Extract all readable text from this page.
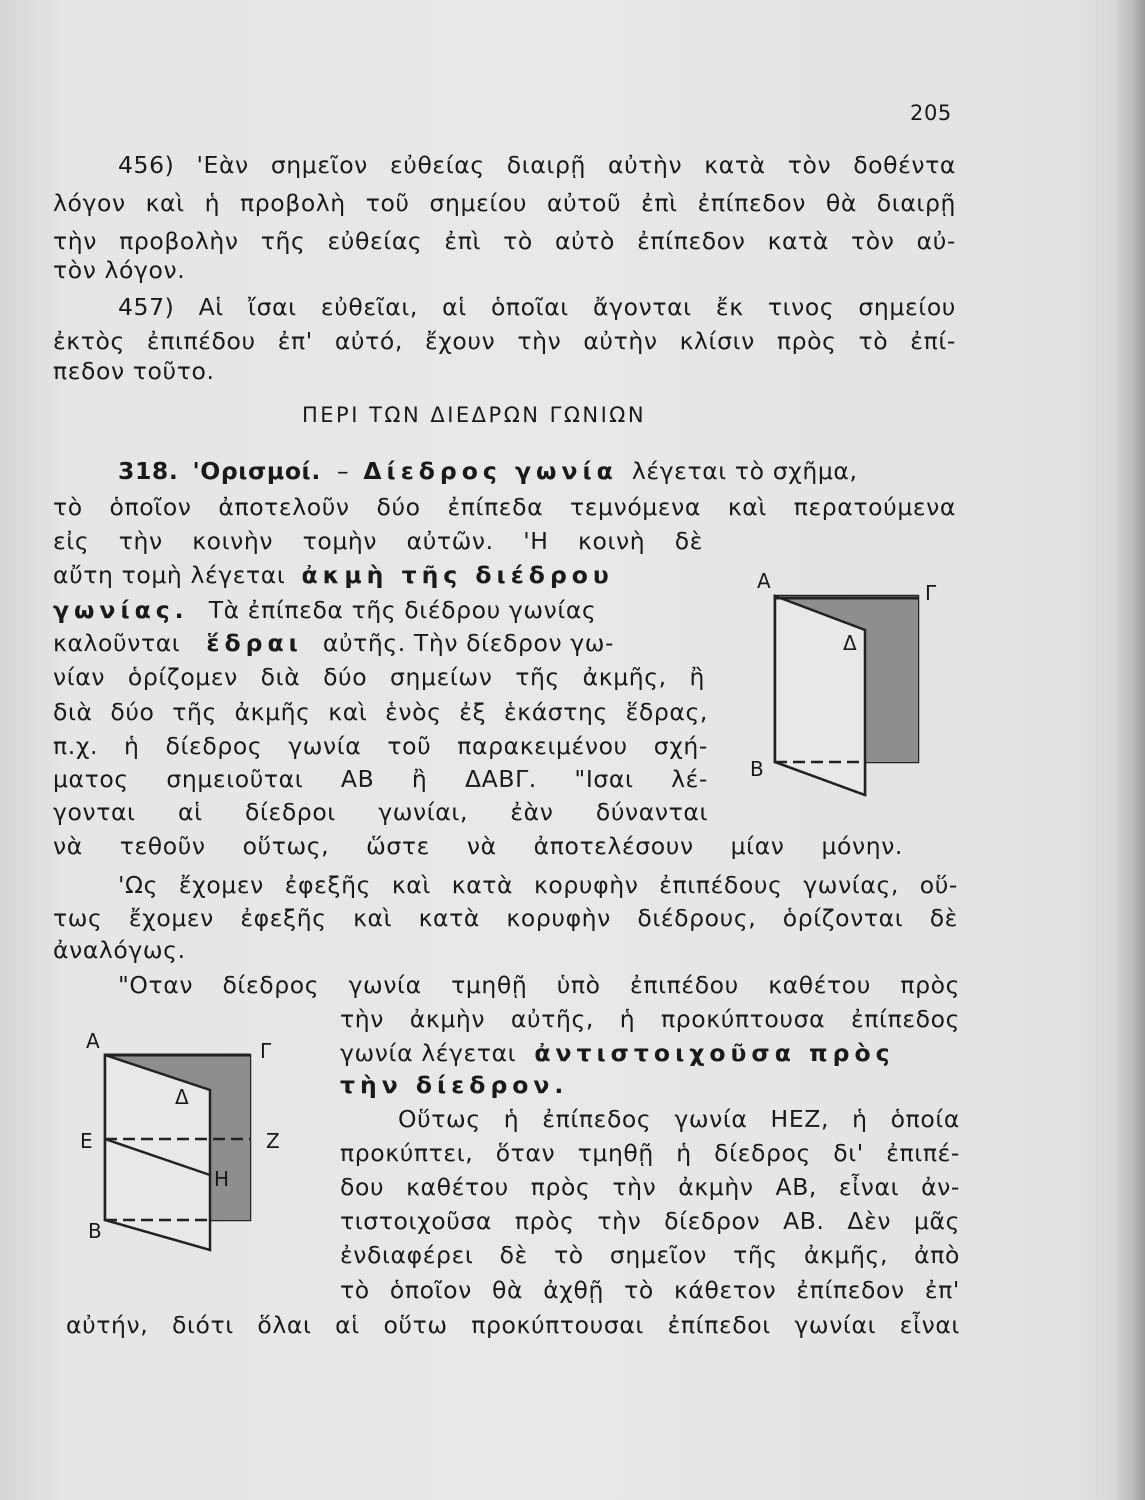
205
456) 'Εὰν σημεῖον εὐθείας διαιρῇ αὐτὴν κατὰ τὸν δοθέντα
λόγον καὶ ἡ προβολὴ τοῦ σημείου αὐτοῦ ἐπὶ ἐπίπεδον θὰ διαιρῇ
τὴν προβολὴν τῆς εὐθείας ἐπὶ τὸ αὐτὸ ἐπίπεδον κατὰ τὸν αὐ-
τὸν λόγον.
457) Αἱ ἴσαι εὐθεῖαι, αἱ ὁποῖαι ἄγονται ἔκ τινος σημείου
ἐκτὸς ἐπιπέδου ἐπ' αὐτό, ἔχουν τὴν αὐτὴν κλίσιν πρὸς τὸ ἐπί-
πεδον τοῦτο.
ΠΕΡΙ ΤΩΝ ΔΙΕΔΡΩΝ ΓΩΝΙΩΝ
318. 'Ορισμοί. – Δίεδρος γωνία λέγεται τὸ σχῆμα,
τὸ ὁποῖον ἀποτελοῦν δύο ἐπίπεδα τεμνόμενα καὶ περατούμενα
εἰς τὴν κοινὴν τομὴν αὐτῶν. 'Η κοινὴ δὲ
αὔτη τομὴ λέγεται ἀκμὴ τῆς διέδρου
γωνίας. Τὰ ἐπίπεδα τῆς διέδρου γωνίας
καλοῦνται ἕδραι αὐτῆς. Τὴν δίεδρον γω-
νίαν ὁρίζομεν διὰ δύο σημείων τῆς ἀκμῆς, ἢ
διὰ δύο τῆς ἀκμῆς καὶ ἑνὸς ἐξ ἑκάστης ἕδρας,
π.χ. ἡ δίεδρος γωνία τοῦ παρακειμένου σχή-
ματος σημειοῦται ΑΒ ἢ ΔΑΒΓ. "Ισαι λέ-
γονται αἱ δίεδροι γωνίαι, ἐὰν δύνανται
νὰ τεθοῦν οὕτως, ὥστε νὰ ἀποτελέσουν μίαν μόνην.
Α	Γ
Δ
Β
'Ως ἔχομεν ἐφεξῆς καὶ κατὰ κορυφὴν ἐπιπέδους γωνίας, οὕ-
τως ἔχομεν ἐφεξῆς καὶ κατὰ κορυφὴν διέδρους, ὁρίζονται δὲ
ἀναλόγως.
"Οταν δίεδρος γωνία τμηθῇ ὑπὸ ἐπιπέδου καθέτου πρὸς
τὴν ἀκμὴν αὐτῆς, ἡ προκύπτουσα ἐπίπεδος
γωνία λέγεται ἀντιστοιχοῦσα πρὸς
τὴν δίεδρον.
Οὕτως ἡ ἐπίπεδος γωνία ΗΕΖ, ἡ ὁποία
προκύπτει, ὅταν τμηθῇ ἡ δίεδρος δι' ἐπιπέ-
δου καθέτου πρὸς τὴν ἀκμὴν ΑΒ, εἶναι ἀν-
τιστοιχοῦσα πρὸς τὴν δίεδρον ΑΒ. Δὲν μᾶς
ἐνδιαφέρει δὲ τὸ σημεῖον τῆς ἀκμῆς, ἀπὸ
τὸ ὁποῖον θὰ ἀχθῇ τὸ κάθετον ἐπίπεδον ἐπ'
αὐτήν, διότι ὅλαι αἱ οὕτω προκύπτουσαι ἐπίπεδοι γωνίαι εἶναι
Α	Γ
Δ
Ε	Ζ
Η
Β
